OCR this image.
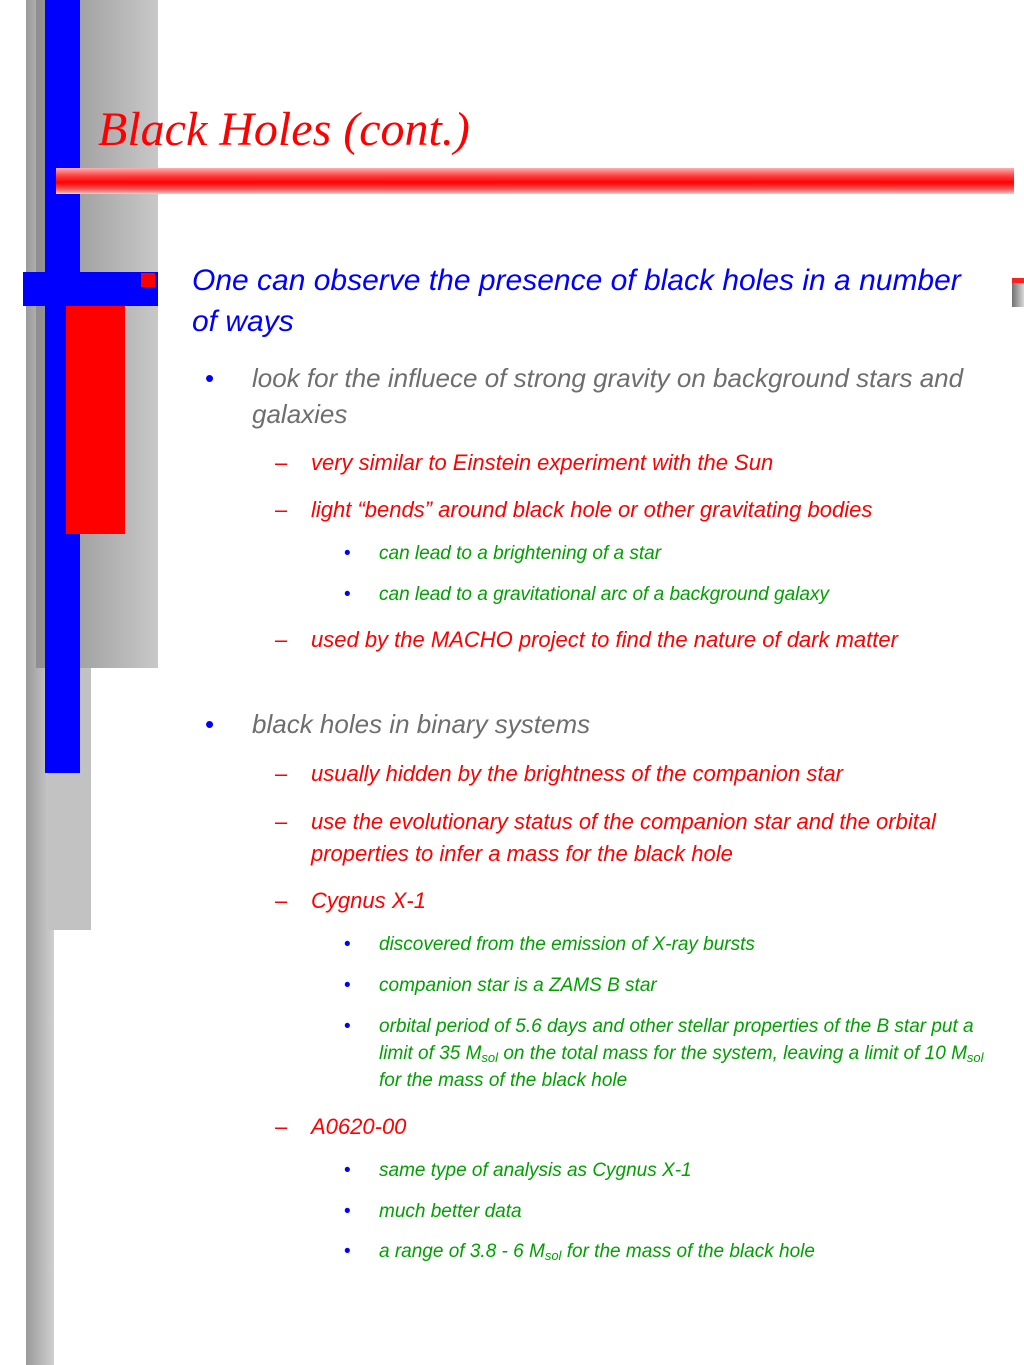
Black Holes (cont.)
One can observe the presence of black holes in a number of ways
• look for the influece of strong gravity on background stars and galaxies
– very similar to Einstein experiment with the Sun
– light “bends” around black hole or other gravitating bodies
• can lead to a brightening of a star
• can lead to a gravitational arc of a background galaxy
– used by the MACHO project to find the nature of dark matter
• black holes in binary systems
– usually hidden by the brightness of the companion star
– use the evolutionary status of the companion star and the orbital properties to infer a mass for the black hole
– Cygnus X-1
• discovered from the emission of X-ray bursts
• companion star is a ZAMS B star
• orbital period of 5.6 days and other stellar properties of the B star put a limit of 35 $M_{sol}$ on the total mass for the system, leaving a limit of 10 $M_{sol}$ for the mass of the black hole
– A0620-00
• same type of analysis as Cygnus X-1
• much better data
• a range of 3.8 - 6 $M_{sol}$ for the mass of the black hole
